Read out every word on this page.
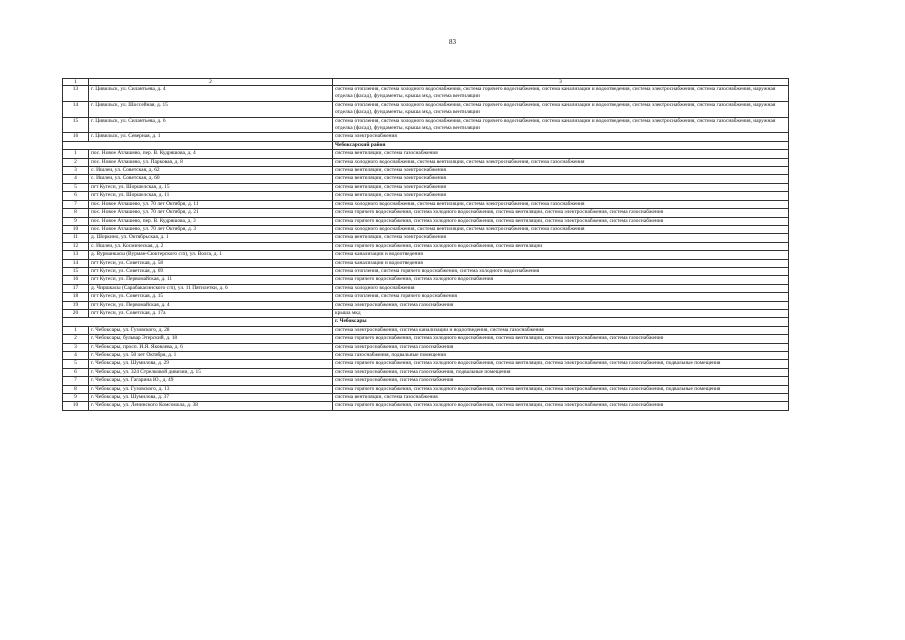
83
1	2	3
13	г. Цивильск, ул. Силантьева, д. 4	система отопления, система холодного водоснабжения, система горячего водоснабжения, система канализации и водоотведения, система электроснабжения, система газоснабжения, наружная отделка (фасад), фундаменты, крыша мкд, система вентиляции
14	г. Цивильск, ул. Шоссейная, д. 15	система отопления, система холодного водоснабжения, система горячего водоснабжения, система канализации и водоотведения, система электроснабжения, система газоснабжения, наружная отделка (фасад), фундаменты, крыша мкд, система вентиляции
15	г. Цивильск, ул. Силантьева, д. 6	система отопления, система холодного водоснабжения, система горячего водоснабжения, система канализации и водоотведения, система электроснабжения, система газоснабжения, наружная отделка (фасад), фундаменты, крыша мкд, система вентиляции
16	г. Цивильск, ул. Северная, д. 1	система электроснабжения
		Чебоксарский район
1	пос. Новое Атлашево, пер. В. Кудряшова, д. 4	система вентиляции, система газоснабжения
2	пос. Новое Атлашево, ул. Парковая, д. 8	система холодного водоснабжения, система вентиляции, система электроснабжения, система газоснабжения
3	с. Ишлеи, ул. Советская, д. 62	система вентиляции, система электроснабжения
4	с. Ишлеи, ул. Советская, д. 60	система вентиляции, система электроснабжения
5	пгт Кугеси, ул. Шоршелская, д. 15	система вентиляции, система электроснабжения
6	пгт Кугеси, ул. Шоршелская, д. 11	система вентиляции, система электроснабжения
7	пос. Новое Атлашево, ул. 70 лет Октября, д. 11	система холодного водоснабжения, система вентиляции, система электроснабжения, система газоснабжения
8	пос. Новое Атлашево, ул. 70 лет Октября, д. 21	система горячего водоснабжения, система холодного водоснабжения, система вентиляции, система электроснабжения, система газоснабжения
9	пос. Новое Атлашево, пер. В. Кудряшова, д. 3	система горячего водоснабжения, система холодного водоснабжения, система вентиляции, система электроснабжения, система газоснабжения
10	пос. Новое Атлашево, ул. 70 лет Октября, д. 3	система холодного водоснабжения, система вентиляции, система электроснабжения, система газоснабжения
11	д. Шоркино, ул. Октябрьская, д. 1	система вентиляции, система электроснабжения
12	с. Ишлеи, ул. Космическая, д. 2	система горячего водоснабжения, система холодного водоснабжения, система вентиляции
13	д. Вурманкасы (Вурман-Сюктерского с/п), ул. Волга, д. 1	система канализации и водоотведения
14	пгт Кугеси, ул. Советская, д. 58	система канализации и водоотведения
15	пгт Кугеси, ул. Советская, д. 69	система отопления, система горячего водоснабжения, система холодного водоснабжения
16	пгт Кугеси, ул. Первомайская, д. 11	система горячего водоснабжения, система холодного водоснабжения
17	д. Чиршкасы (Сарабакасинского с/п), ул. 11 Пятилетки, д. 6	система холодного водоснабжения
18	пгт Кугеси, ул. Советская, д. 15	система отопления, система горячего водоснабжения
19	пгт Кугеси, ул. Первомайская, д. 4	система электроснабжения, система газоснабжения
20	пгт Кугеси, ул. Советская, д. 17а	крыша мкд
		г. Чебоксары
1	г. Чебоксары, ул. Гузовского, д. 28	система электроснабжения, система канализации и водоотведения, система газоснабжения
2	г. Чебоксары, бульвар Эгерский, д. 18	система горячего водоснабжения, система холодного водоснабжения, система вентиляции, система электроснабжения, система газоснабжения
3	г. Чебоксары, просп. И.Я. Яковлева, д. 6	система электроснабжения, система газоснабжения
4	г. Чебоксары, ул. 50 лет Октября, д. 1	система газоснабжения, подвальные помещения
5	г. Чебоксары, ул. Шумилова, д. 29	система горячего водоснабжения, система холодного водоснабжения, система вентиляции, система электроснабжения, система газоснабжения, подвальные помещения
6	г. Чебоксары, ул. 324 Стрелковой дивизии, д. 15	система электроснабжения, система газоснабжения, подвальные помещения
7	г. Чебоксары, ул. Гагарина Ю., д. 49	система электроснабжения, система газоснабжения
8	г. Чебоксары, ул. Гузовского, д. 13	система горячего водоснабжения, система холодного водоснабжения, система вентиляции, система электроснабжения, система газоснабжения, подвальные помещения
9	г. Чебоксары, ул. Шумилова, д. 37	система вентиляции, система газоснабжения
10	г. Чебоксары, ул. Ленинского Комсомола, д. 38	система горячего водоснабжения, система холодного водоснабжения, система вентиляции, система электроснабжения, система газоснабжения
